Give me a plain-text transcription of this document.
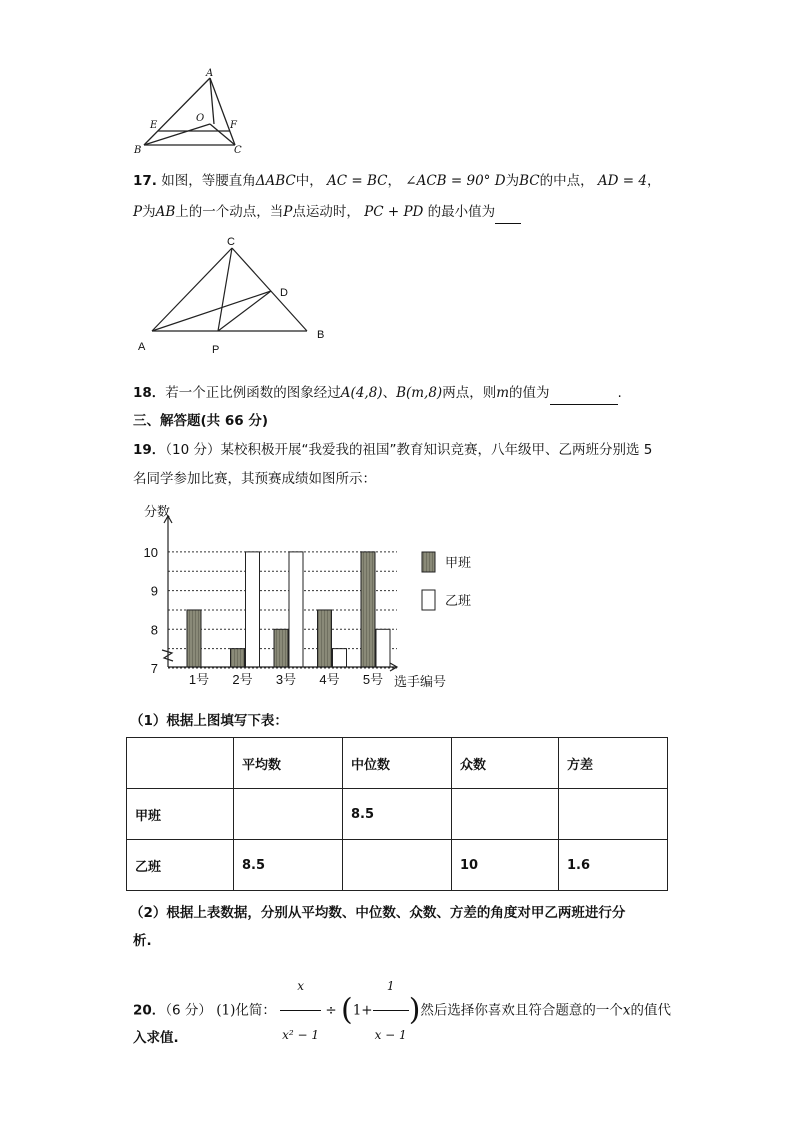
A
E
O
F
B	C
17. 如图，等腰直角ΔABC中， AC = BC， ∠ACB = 90° D为BC的中点， AD = 4，
P为AB上的一个动点，当P点运动时， PC + PD 的最小值为
C
D
A	P
B
18．若一个正比例函数的图象经过A(4,8)、B(m,8)两点，则m的值为	.
三、解答题(共 66 分)
19．（10 分）某校积极开展“我爱我的祖国”教育知识竞赛，八年级甲、乙两班分别选 5
名同学参加比赛，其预赛成绩如图所示：
分数
7
8
9
10
1号 2号 3号 4号 5号 选手编号
甲班
乙班
（1）根据上图填写下表：
	平均数	中位数	众数	方差
甲班		8.5		
乙班	8.5		10	1.6
（2）根据上表数据，分别从平均数、中位数、众数、方差的角度对甲乙两班进行分
析.
20．（6 分） (1)化简： $\frac{x}{\text{x² − 1}} \div (1+ \frac{1}{x - 1}$ )然后选择你喜欢且符合题意的一个x的值代
入求值.
